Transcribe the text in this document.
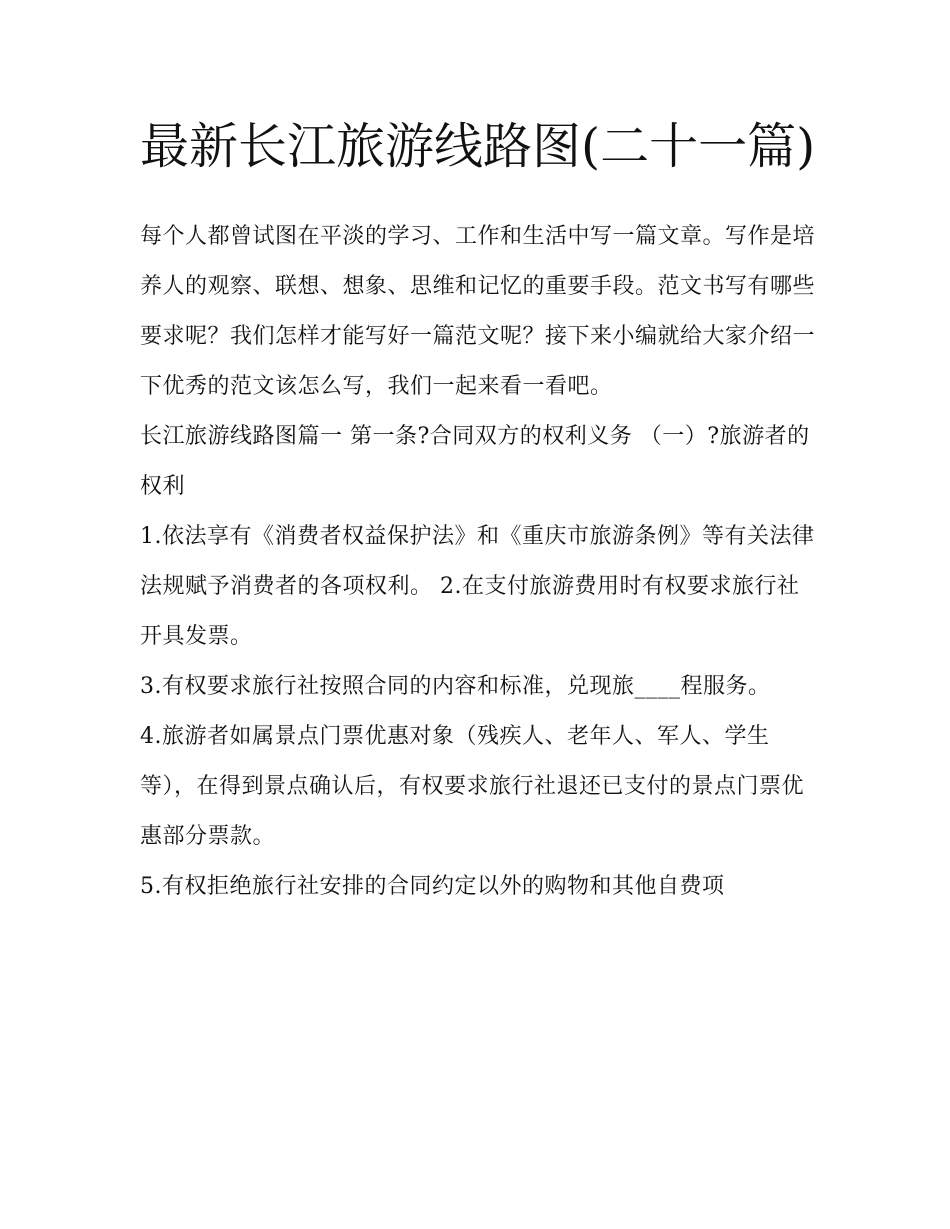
最新长江旅游线路图(二十一篇)

每个人都曾试图在平淡的学习、工作和生活中写一篇文章。写作是培养人的观察、联想、想象、思维和记忆的重要手段。范文书写有哪些要求呢？我们怎样才能写好一篇范文呢？接下来小编就给大家介绍一下优秀的范文该怎么写，我们一起来看一看吧。

长江旅游线路图篇一 第一条?合同双方的权利义务 （一）?旅游者的权利

1.依法享有《消费者权益保护法》和《重庆市旅游条例》等有关法律法规赋予消费者的各项权利。 2.在支付旅游费用时有权要求旅行社开具发票。

3.有权要求旅行社按照合同的内容和标准，兑现旅____程服务。

4.旅游者如属景点门票优惠对象（残疾人、老年人、军人、学生等），在得到景点确认后，有权要求旅行社退还已支付的景点门票优惠部分票款。

5.有权拒绝旅行社安排的合同约定以外的购物和其他自费项
